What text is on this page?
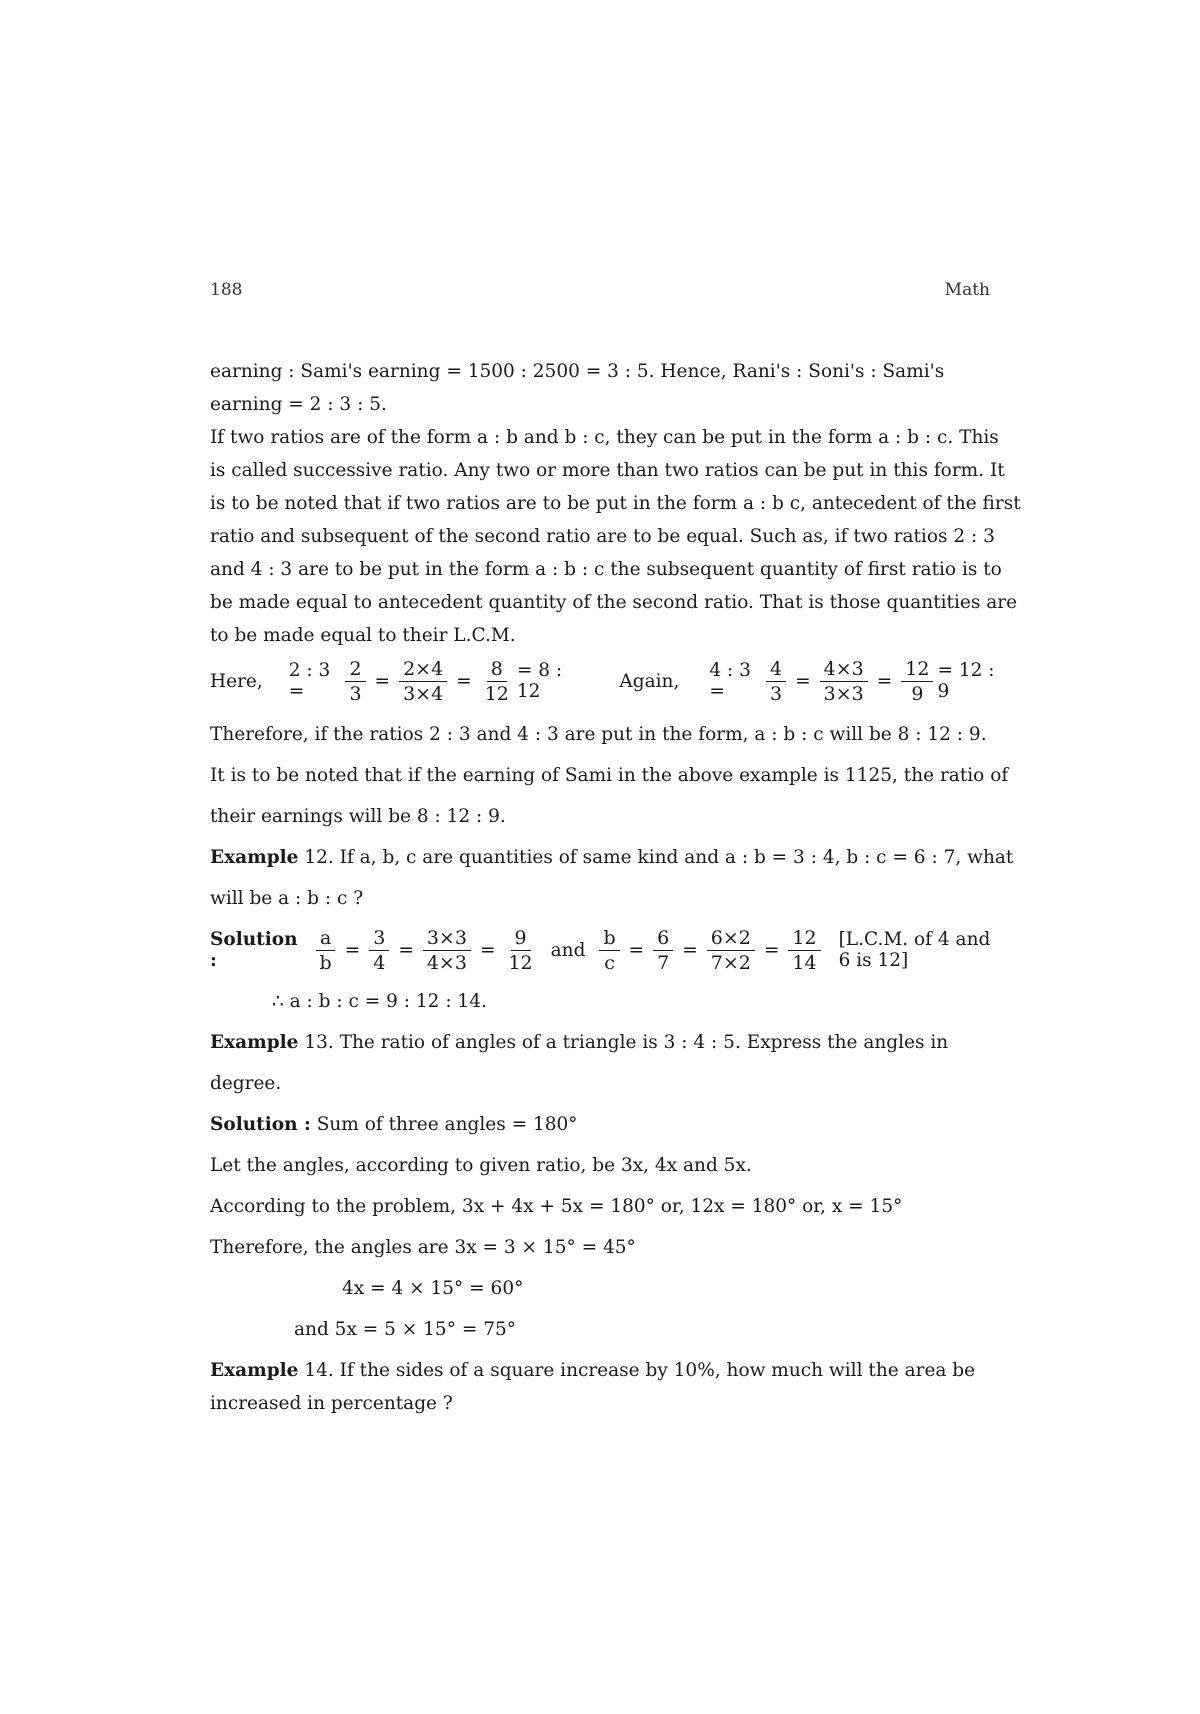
188	Math
earning : Sami's earning = 1500 : 2500 = 3 : 5. Hence, Rani's : Soni's : Sami's
earning = 2 : 3 : 5.
If two ratios are of the form a : b and b : c, they can be put in the form a : b : c. This
is called successive ratio. Any two or more than two ratios can be put in this form. It
is to be noted that if two ratios are to be put in the form a : b c, antecedent of the first
ratio and subsequent of the second ratio are to be equal. Such as, if two ratios 2 : 3
and 4 : 3 are to be put in the form a : b : c the subsequent quantity of first ratio is to
be made equal to antecedent quantity of the second ratio. That is those quantities are
to be made equal to their L.C.M.
Here, 2 : 3 =	$\frac{2}{3} = \frac{2\times 4}{3\times 4} = \frac{8}{12} = 8$ : 12	Again, 4 : 3 =	$\frac{4}{3} = \frac{4\times 3}{3\times 3} = \frac{12}{9} = 12$ : 9
Therefore, if the ratios 2 : 3 and 4 : 3 are put in the form, a : b : c will be 8 : 12 : 9.
It is to be noted that if the earning of Sami in the above example is 1125, the ratio of
their earnings will be 8 : 12 : 9.
Example 12. If a, b, c are quantities of same kind and a : b = 3 : 4, b : c = 6 : 7, what
will be a : b : c ?
Solution :	$\frac{a}{b} = \frac{3}{4} = \frac{3\times 3}{4\times 3} = \frac{9}{12}$ and $\frac{b}{c} = \frac{6}{7} = \frac{6\times 2}{7\times 2} = \frac{12}{14} [L.C.M$. of 4 and 6 is 12]
∴ a : b : c = 9 : 12 : 14.
Example 13. The ratio of angles of a triangle is 3 : 4 : 5. Express the angles in
degree.
Solution : Sum of three angles = 180°
Let the angles, according to given ratio, be 3x, 4x and 5x.
According to the problem, 3x + 4x + 5x = 180° or, 12x = 180° or, x = 15°
Therefore, the angles are 3x = 3 × 15° = 45°
4x = 4 × 15° = 60°
and 5x = 5 × 15° = 75°
Example 14. If the sides of a square increase by 10%, how much will the area be
increased in percentage ?
